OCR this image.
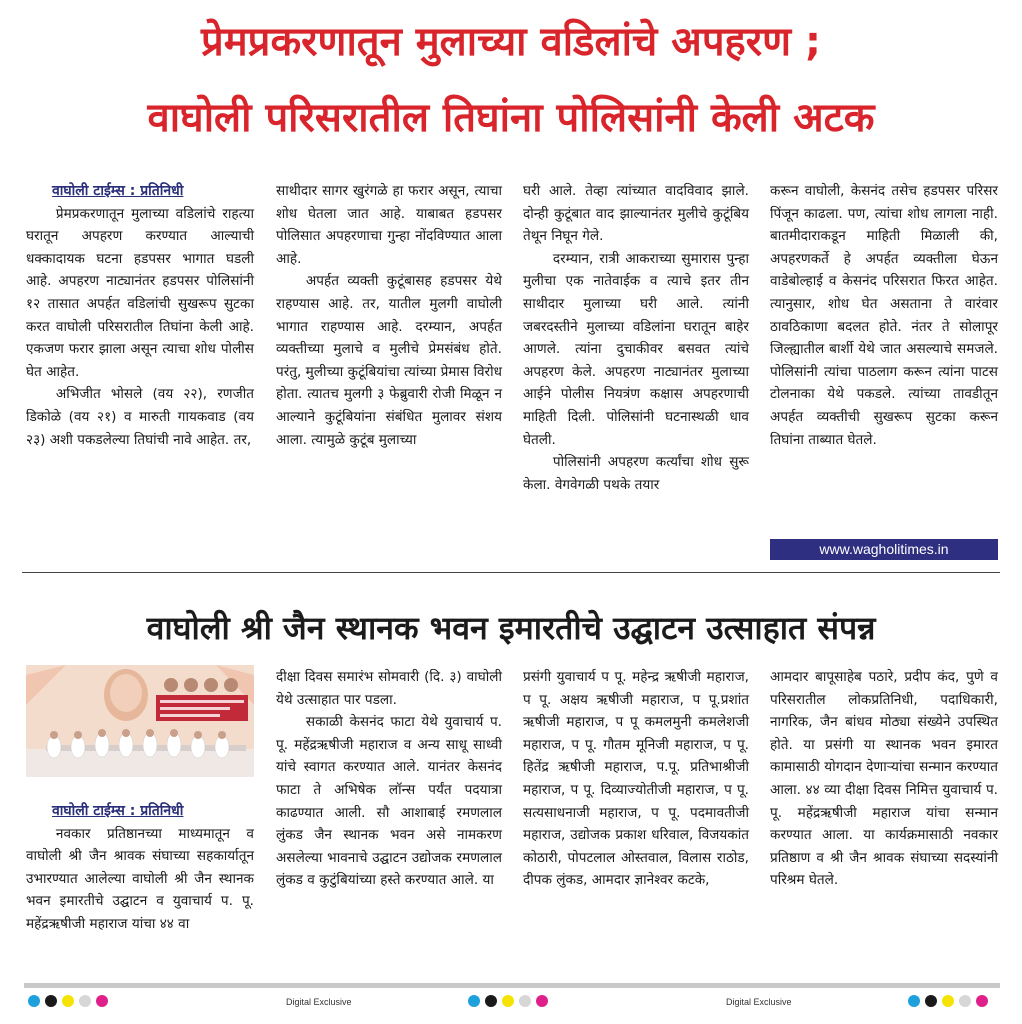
प्रेमप्रकरणातून मुलाच्या वडिलांचे अपहरण ;
वाघोली परिसरातील तिघांना पोलिसांनी केली अटक
वाघोली टाईम्स : प्रतिनिधी

प्रेमप्रकरणातून मुलाच्या वडिलांचे राहत्या घरातून अपहरण करण्यात आल्याची धक्कादायक घटना हडपसर भागात घडली आहे. अपहरण नाट्यानंतर हडपसर पोलिसांनी १२ तासात अपर्हत वडिलांची सुखरूप सुटका करत वाघोली परिसरातील तिघांना केली आहे. एकजण फरार झाला असून त्याचा शोध पोलीस घेत आहेत.

अभिजीत भोसले (वय २२), रणजीत डिकोळे (वय २१) व मारुती गायकवाड (वय २३) अशी पकडलेल्या तिघांची नावे आहेत. तर,

साथीदार सागर खुरंगळे हा फरार असून, त्याचा शोध घेतला जात आहे. याबाबत हडपसर पोलिसात अपहरणाचा गुन्हा नोंदविण्यात आला आहे.

अपर्हत व्यक्ती कुटूंबासह हडपसर येथे राहण्यास आहे. तर, यातील मुलगी वाघोली भागात राहण्यास आहे. दरम्यान, अपर्हत व्यक्तीच्या मुलाचे व मुलीचे प्रेमसंबंध होते. परंतु, मुलीच्या कुटूंबियांचा त्यांच्या प्रेमास विरोध होता. त्यातच मुलगी ३ फेब्रुवारी रोजी मिळून न आल्याने कुटूंबियांना संबंधित मुलावर संशय आला. त्यामुळे कुटूंब मुलाच्या

घरी आले. तेव्हा त्यांच्यात वादविवाद झाले. दोन्ही कुटूंबात वाद झाल्यानंतर मुलीचे कुटूंबिय तेथून निघून गेले.

दरम्यान, रात्री आकराच्या सुमारास पुन्हा मुलीचा एक नातेवाईक व त्याचे इतर तीन साथीदार मुलाच्या घरी आले. त्यांनी जबरदस्तीने मुलाच्या वडिलांना घरातून बाहेर आणले. त्यांना दुचाकीवर बसवत त्यांचे अपहरण केले. अपहरण नाट्यानंतर मुलाच्या आईने पोलीस नियत्रंण कक्षास अपहरणाची माहिती दिली. पोलिसांनी घटनास्थळी धाव घेतली.

पोलिसांनी अपहरण कर्त्यांचा शोध सुरू केला. वेगवेगळी पथके तयार

करून वाघोली, केसनंद तसेच हडपसर परिसर पिंजून काढला. पण, त्यांचा शोध लागला नाही. बातमीदाराकडून माहिती मिळाली की, अपहरणकर्ते हे अपर्हत व्यक्तीला घेऊन वाडेबोल्हाई व केसनंद परिसरात फिरत आहेत. त्यानुसार, शोध घेत असताना ते वारंवार ठावठिकाणा बदलत होते. नंतर ते सोलापूर जिल्ह्यातील बार्शी येथे जात असल्याचे समजले. पोलिसांनी त्यांचा पाठलाग करून त्यांना पाटस टोलनाका येथे पकडले. त्यांच्या तावडीतून अपर्हत व्यक्तीची सुखरूप सुटका करून तिघांना ताब्यात घेतले.

www.wagholitimes.in
वाघोली श्री जैन स्थानक भवन इमारतीचे उद्घाटन उत्साहात संपन्न
वाघोली टाईम्स : प्रतिनिधी

नवकार प्रतिष्ठानच्या माध्यमातून व वाघोली श्री जैन श्रावक संघाच्या सहकार्यातून उभारण्यात आलेल्या वाघोली श्री जैन स्थानक भवन इमारतीचे उद्घाटन व युवाचार्य प. पू. महेंद्रऋषीजी महाराज यांचा ४४ वा

दीक्षा दिवस समारंभ सोमवारी (दि. ३) वाघोली येथे उत्साहात पार पडला.

सकाळी केसनंद फाटा येथे युवाचार्य प. पू. महेंद्रऋषीजी महाराज व अन्य साधू साध्वी यांचे स्वागत करण्यात आले. यानंतर केसनंद फाटा ते अभिषेक लॉन्स पर्यंत पदयात्रा काढण्यात आली. सौ आशाबाई रमणलाल लुंकड जैन स्थानक भवन असे नामकरण असलेल्या भावनाचे उद्घाटन उद्योजक रमणलाल लुंकड व कुटुंबियांच्या हस्ते करण्यात आले. या

प्रसंगी युवाचार्य प पू. महेन्द्र ऋषीजी महाराज, प पू. अक्षय ऋषीजी महाराज, प पू.प्रशांत ऋषीजी महाराज, प पू कमलमुनी कमलेशजी महाराज, प पू. गौतम मूनिजी महाराज, प पू. हितेंद्र ऋषीजी महाराज, प.पू. प्रतिभाश्रीजी महाराज, प पू. दिव्याज्योतीजी महाराज, प पू. सत्यसाधनाजी महाराज, प पू. पदमावतीजी महाराज, उद्योजक प्रकाश धरिवाल, विजयकांत कोठारी, पोपटलाल ओस्तवाल, विलास राठोड, दीपक लुंकड, आमदार ज्ञानेश्वर कटके,

आमदार बापूसाहेब पठारे, प्रदीप कंद, पुणे व परिसरातील लोकप्रतिनिधी, पदाधिकारी, नागरिक, जैन बांधव मोठ्या संख्येने उपस्थित होते. या प्रसंगी या स्थानक भवन इमारत कामासाठी योगदान देणाऱ्यांचा सन्मान करण्यात आला. ४४ व्या दीक्षा दिवस निमित्त युवाचार्य प. पू. महेंद्रऋषीजी महाराज यांचा सन्मान करण्यात आला. या कार्यक्रमासाठी नवकार प्रतिष्ठाण व श्री जैन श्रावक संघाच्या सदस्यांनी परिश्रम घेतले.

Digital Exclusive	Digital Exclusive
